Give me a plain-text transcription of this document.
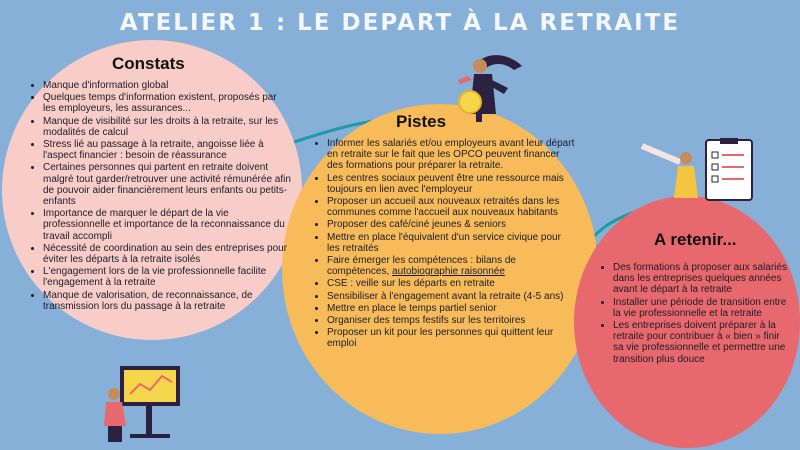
ATELIER 1 : LE DEPART À LA RETRAITE
Constats
• Manque d'information global
• Quelques temps d'information existent, proposés par les employeurs, les assurances...
• Manque de visibilité sur les droits à la retraite, sur les modalités de calcul
• Stress lié au passage à la retraite, angoisse liée à l'aspect financier : besoin de réassurance
• Certaines personnes qui partent en retraite doivent malgré tout garder/retrouver une activité rémunérée afin de pouvoir aider financièrement leurs enfants ou petits-enfants
• Importance de marquer le départ de la vie professionnelle et importance de la reconnaissance du travail accompli
• Nécessité de coordination au sein des entreprises pour éviter les départs à la retraite isolés
• L'engagement lors de la vie professionnelle facilite l'engagement à la retraite
• Manque de valorisation, de reconnaissance, de transmission lors du passage à la retraite
Pistes
• Informer les salariés et/ou employeurs avant leur départ en retraite sur le fait que les OPCO peuvent financer des formations pour préparer la retraite.
• Les centres sociaux peuvent être une ressource mais toujours en lien avec l'employeur
• Proposer un accueil aux nouveaux retraités dans les communes comme l'accueil aux nouveaux habitants
• Proposer des café/ciné jeunes & seniors
• Mettre en place l'équivalent d'un service civique pour les retraités
• Faire émerger les compétences : bilans de compétences, autobiographie raisonnée
• CSE : veille sur les départs en retraite
• Sensibiliser à l'engagement avant la retraite (4-5 ans)
• Mettre en place le temps partiel senior
• Organiser des temps festifs sur les territoires
• Proposer un kit pour les personnes qui quittent leur emploi
A retenir...
• Des formations à proposer aux salariés dans les entreprises quelques années avant le départ à la retraite
• Installer une période de transition entre la vie professionnelle et la retraite
• Les entreprises doivent préparer à la retraite pour contribuer à « bien » finir sa vie professionnelle et permettre une transition plus douce
